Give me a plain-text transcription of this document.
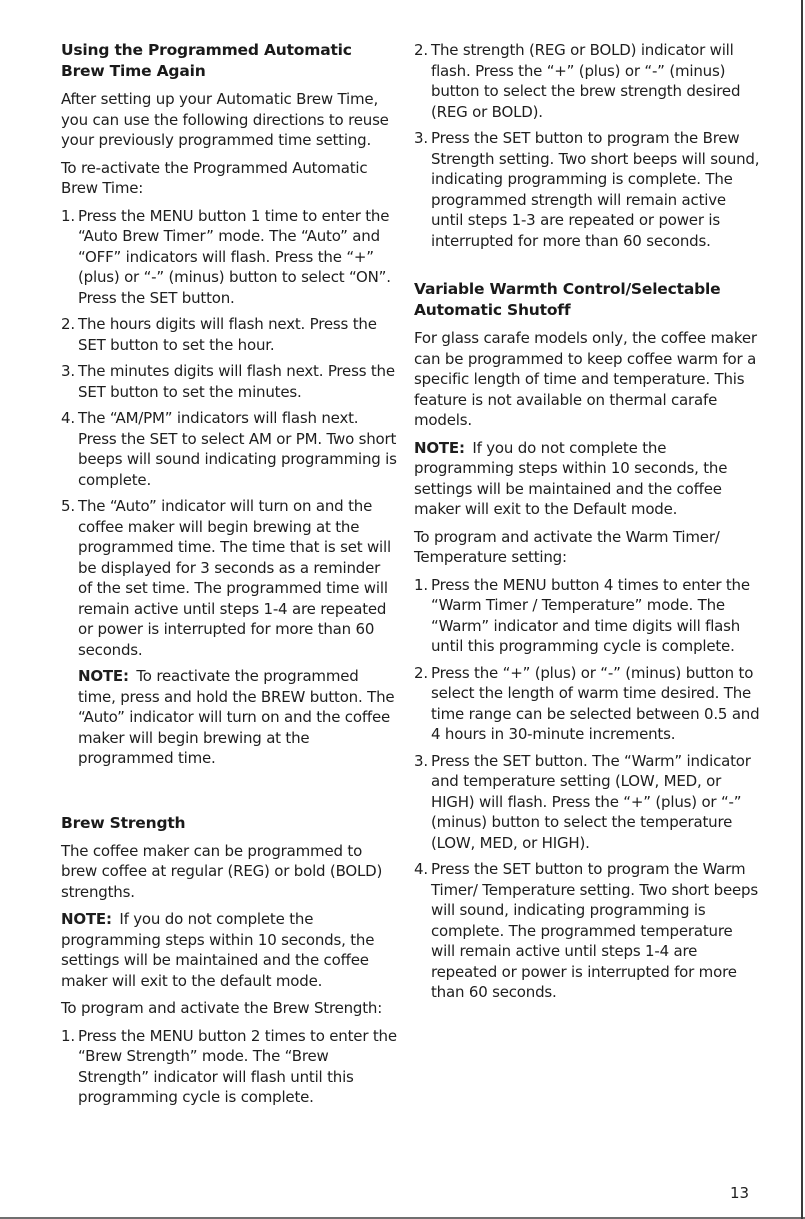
Using the Programmed Automatic
Brew Time Again

After setting up your Automatic Brew Time, you can use the following directions to reuse your previously programmed time setting.

To re-activate the Programmed Automatic Brew Time:

1. Press the MENU button 1 time to enter the “Auto Brew Timer” mode. The “Auto” and “OFF” indicators will flash. Press the “+” (plus) or “-” (minus) button to select “ON”. Press the SET button.
2. The hours digits will flash next. Press the SET button to set the hour.
3. The minutes digits will flash next. Press the SET button to set the minutes.
4. The “AM/PM” indicators will flash next. Press the SET to select AM or PM. Two short beeps will sound indicating programming is complete.
5. The “Auto” indicator will turn on and the coffee maker will begin brewing at the programmed time. The time that is set will be displayed for 3 seconds as a reminder of the set time. The programmed time will remain active until steps 1-4 are repeated or power is interrupted for more than 60 seconds.
NOTE: To reactivate the programmed time, press and hold the BREW button. The “Auto” indicator will turn on and the coffee maker will begin brewing at the programmed time.
Brew Strength

The coffee maker can be programmed to brew coffee at regular (REG) or bold (BOLD) strengths.

NOTE: If you do not complete the programming steps within 10 seconds, the settings will be maintained and the coffee maker will exit to the default mode.

To program and activate the Brew Strength:

1. Press the MENU button 2 times to enter the “Brew Strength” mode. The “Brew Strength” indicator will flash until this programming cycle is complete.
2. The strength (REG or BOLD) indicator will flash. Press the “+” (plus) or “-” (minus) button to select the brew strength desired (REG or BOLD).
3. Press the SET button to program the Brew Strength setting. Two short beeps will sound, indicating programming is complete. The programmed strength will remain active until steps 1-3 are repeated or power is interrupted for more than 60 seconds.
Variable Warmth Control/Selectable
Automatic Shutoff

For glass carafe models only, the coffee maker can be programmed to keep coffee warm for a specific length of time and temperature. This feature is not available on thermal carafe models.

NOTE: If you do not complete the programming steps within 10 seconds, the settings will be maintained and the coffee maker will exit to the Default mode.

To program and activate the Warm Timer/ Temperature setting:

1. Press the MENU button 4 times to enter the “Warm Timer / Temperature” mode. The “Warm” indicator and time digits will flash until this programming cycle is complete.
2. Press the “+” (plus) or “-” (minus) button to select the length of warm time desired. The time range can be selected between 0.5 and 4 hours in 30-minute increments.
3. Press the SET button. The “Warm” indicator and temperature setting (LOW, MED, or HIGH) will flash. Press the “+” (plus) or “-” (minus) button to select the temperature (LOW, MED, or HIGH).
4. Press the SET button to program the Warm Timer/ Temperature setting. Two short beeps will sound, indicating programming is complete. The programmed temperature will remain active until steps 1-4 are repeated or power is interrupted for more than 60 seconds.
13
